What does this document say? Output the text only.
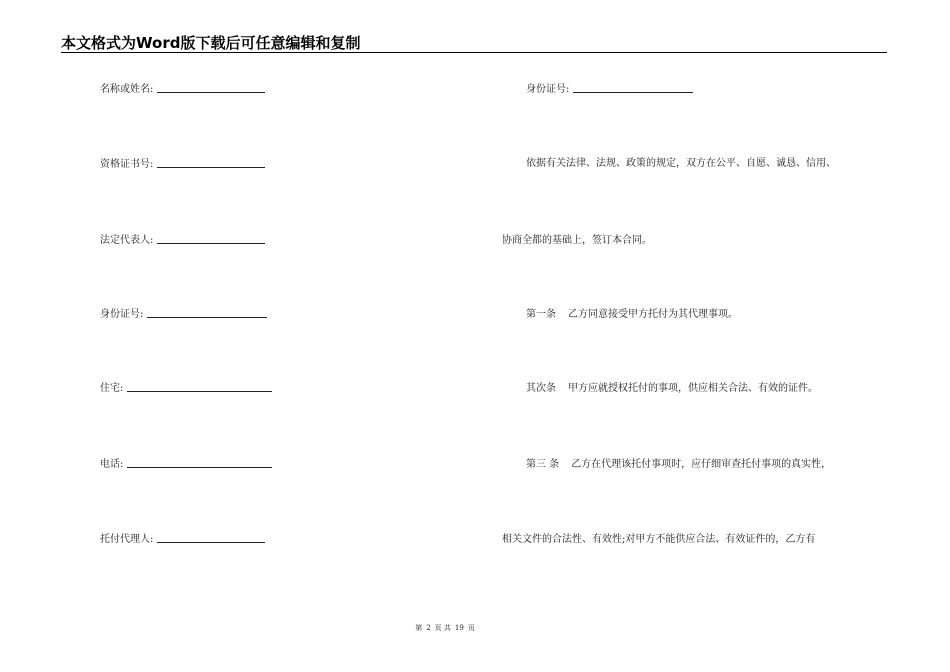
本文格式为Word版下载后可任意编辑和复制
名称或姓名:
资格证书号:
法定代表人:
身份证号:
住宅:
电话:
托付代理人:
身份证号:
依据有关法律、法规、政策的规定，双方在公平、自愿、诚恳、信用、
协商全都的基础上，签订本合同。
第一条 乙方同意接受甲方托付为其代理事项。
其次条 甲方应就授权托付的事项，供应相关合法、有效的证件。
第三 条 乙方在代理该托付事项时，应仔细审查托付事项的真实性，
相关文件的合法性、有效性;对甲方不能供应合法、有效证件的，乙方有
第 2 页 共 19 页
